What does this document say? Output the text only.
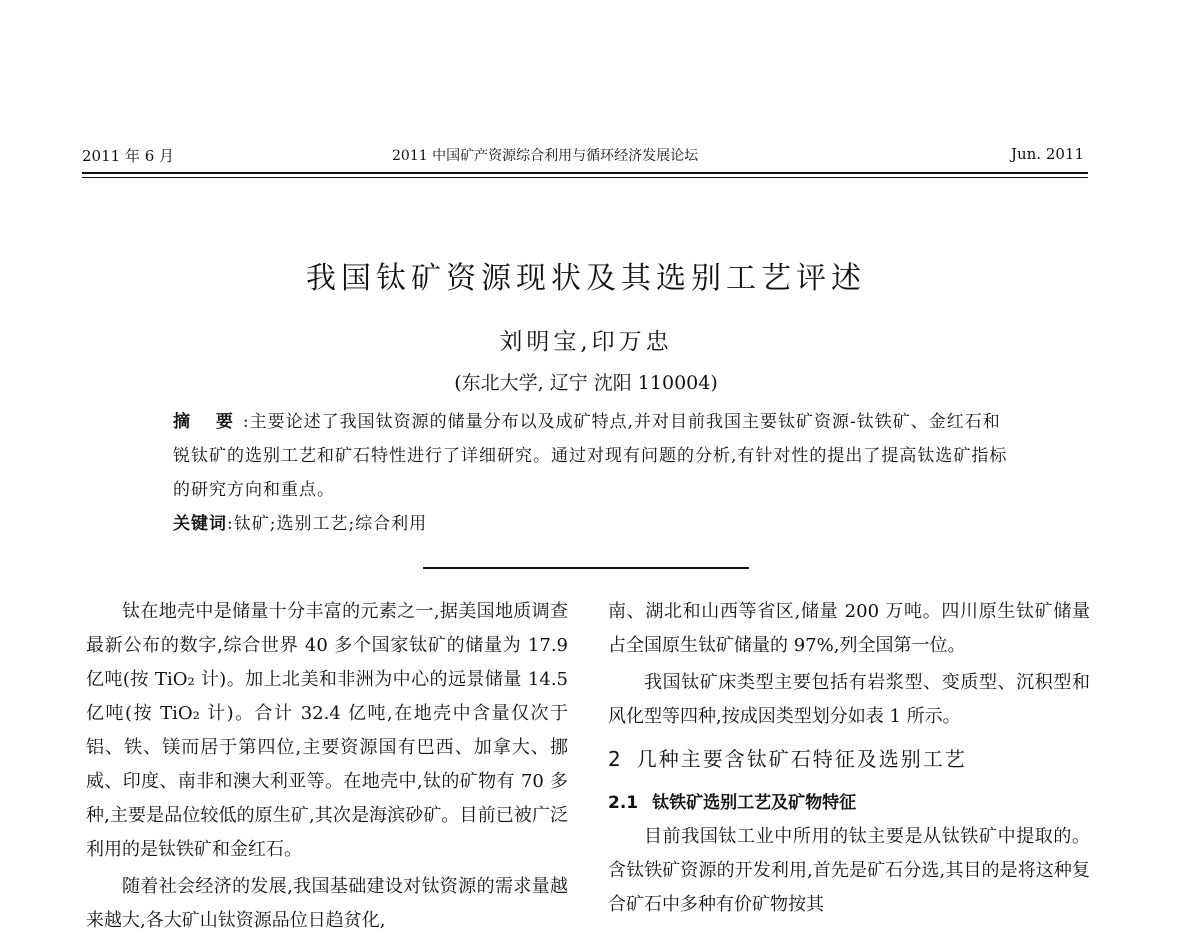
2011 年 6 月	2011 中国矿产资源综合利用与循环经济发展论坛	Jun. 2011
我国钛矿资源现状及其选别工艺评述
刘明宝,印万忠
(东北大学, 辽宁 沈阳 110004)
摘 要:主要论述了我国钛资源的储量分布以及成矿特点,并对目前我国主要钛矿资源-钛铁矿、金红石和锐钛矿的选别工艺和矿石特性进行了详细研究。通过对现有问题的分析,有针对性的提出了提高钛选矿指标的研究方向和重点。
关键词:钛矿;选别工艺;综合利用

钛在地壳中是储量十分丰富的元素之一,据美国地质调查最新公布的数字,综合世界 40 多个国家钛矿的储量为 17.9 亿吨(按 TiO₂ 计)。加上北美和非洲为中心的远景储量 14.5 亿吨(按 TiO₂ 计)。合计 32.4 亿吨,在地壳中含量仅次于铝、铁、镁而居于第四位,主要资源国有巴西、加拿大、挪威、印度、南非和澳大利亚等。在地壳中,钛的矿物有 70 多种,主要是品位较低的原生矿,其次是海滨砂矿。目前已被广泛利用的是钛铁矿和金红石。

随着社会经济的发展,我国基础建设对钛资源的需求量越来越大,各大矿山钛资源品位日趋贫化,

南、湖北和山西等省区,储量 200 万吨。四川原生钛矿储量占全国原生钛矿储量的 97%,列全国第一位。

我国钛矿床类型主要包括有岩浆型、变质型、沉积型和风化型等四种,按成因类型划分如表 1 所示。

2 几种主要含钛矿石特征及选别工艺
2.1 钛铁矿选别工艺及矿物特征

目前我国钛工业中所用的钛主要是从钛铁矿中提取的。含钛铁矿资源的开发利用,首先是矿石分选,其目的是将这种复合矿石中多种有价矿物按其
